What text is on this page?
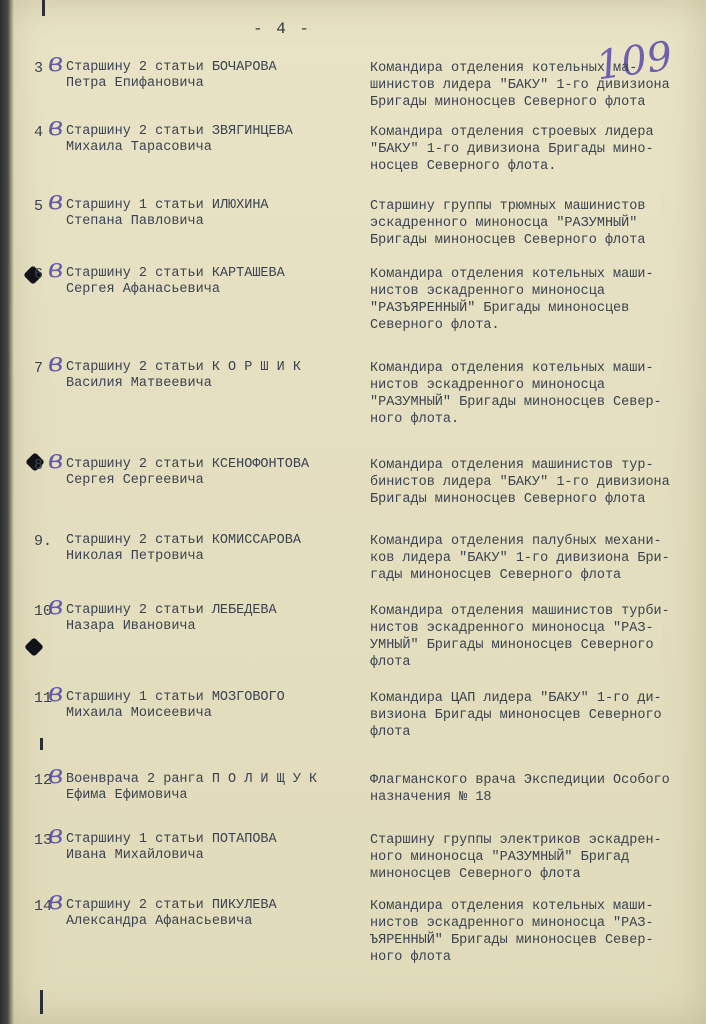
- 4 -
109
3 в Старшину 2 статьи БОЧАРОВА
Петра Епифановича
Командира отделения котельных ма-
шинистов лидера "БАКУ" 1-го дивизиона
Бригады миноносцев Северного флота
4 в Старшину 2 статьи ЗВЯГИНЦЕВА
Михаила Тарасовича
Командира отделения строевых лидера
"БАКУ" 1-го дивизиона Бригады мино-
носцев Северного флота.
5 в Старшину 1 статьи ИЛЮХИНА
Степана Павловича
Старшину группы трюмных машинистов
эскадренного миноносца "РАЗУМНЫЙ"
Бригады миноносцев Северного флота
6 в Старшину 2 статьи КАРТАШЕВА
Сергея Афанасьевича
Командира отделения котельных маши-
нистов эскадренного миноносца
"РАЗЪЯРЕННЫЙ" Бригады миноносцев
Северного флота.
7 в Старшину 2 статьи К О Р Ш И К
Василия Матвеевича
Командира отделения котельных маши-
нистов эскадренного миноносца
"РАЗУМНЫЙ" Бригады миноносцев Север-
ного флота.
8 в Старшину 2 статьи КСЕНОФОНТОВА
Сергея Сергеевича
Командира отделения машинистов тур-
бинистов лидера "БАКУ" 1-го дивизиона
Бригады миноносцев Северного флота
9. Старшину 2 статьи КОМИССАРОВА
Николая Петровича
Командира отделения палубных механи-
ков лидера "БАКУ" 1-го дивизиона Бри-
гады миноносцев Северного флота
10
в Старшину 2 статьи ЛЕБЕДЕВА
Назара Ивановича
Командира отделения машинистов турби-
нистов эскадренного миноносца "РАЗ-
УМНЫЙ" Бригады миноносцев Северного
флота
11
в Старшину 1 статьи МОЗГОВОГО
Михаила Моисеевича
Командира ЦАП лидера "БАКУ" 1-го ди-
визиона Бригады миноносцев Северного
флота
12
в Военврача 2 ранга П О Л И Щ У К
Ефима Ефимовича
Флагманского врача Экспедиции Особого
назначения № 18
13
в Старшину 1 статьи ПОТАПОВА
Ивана Михайловича
Старшину группы электриков эскадрен-
ного миноносца "РАЗУМНЫЙ" Бригад
миноносцев Северного флота
14
в Старшину 2 статьи ПИКУЛЕВА
Александра Афанасьевича
Командира отделения котельных маши-
нистов эскадренного миноносца "РАЗ-
ЪЯРЕННЫЙ" Бригады миноносцев Север-
ного флота
